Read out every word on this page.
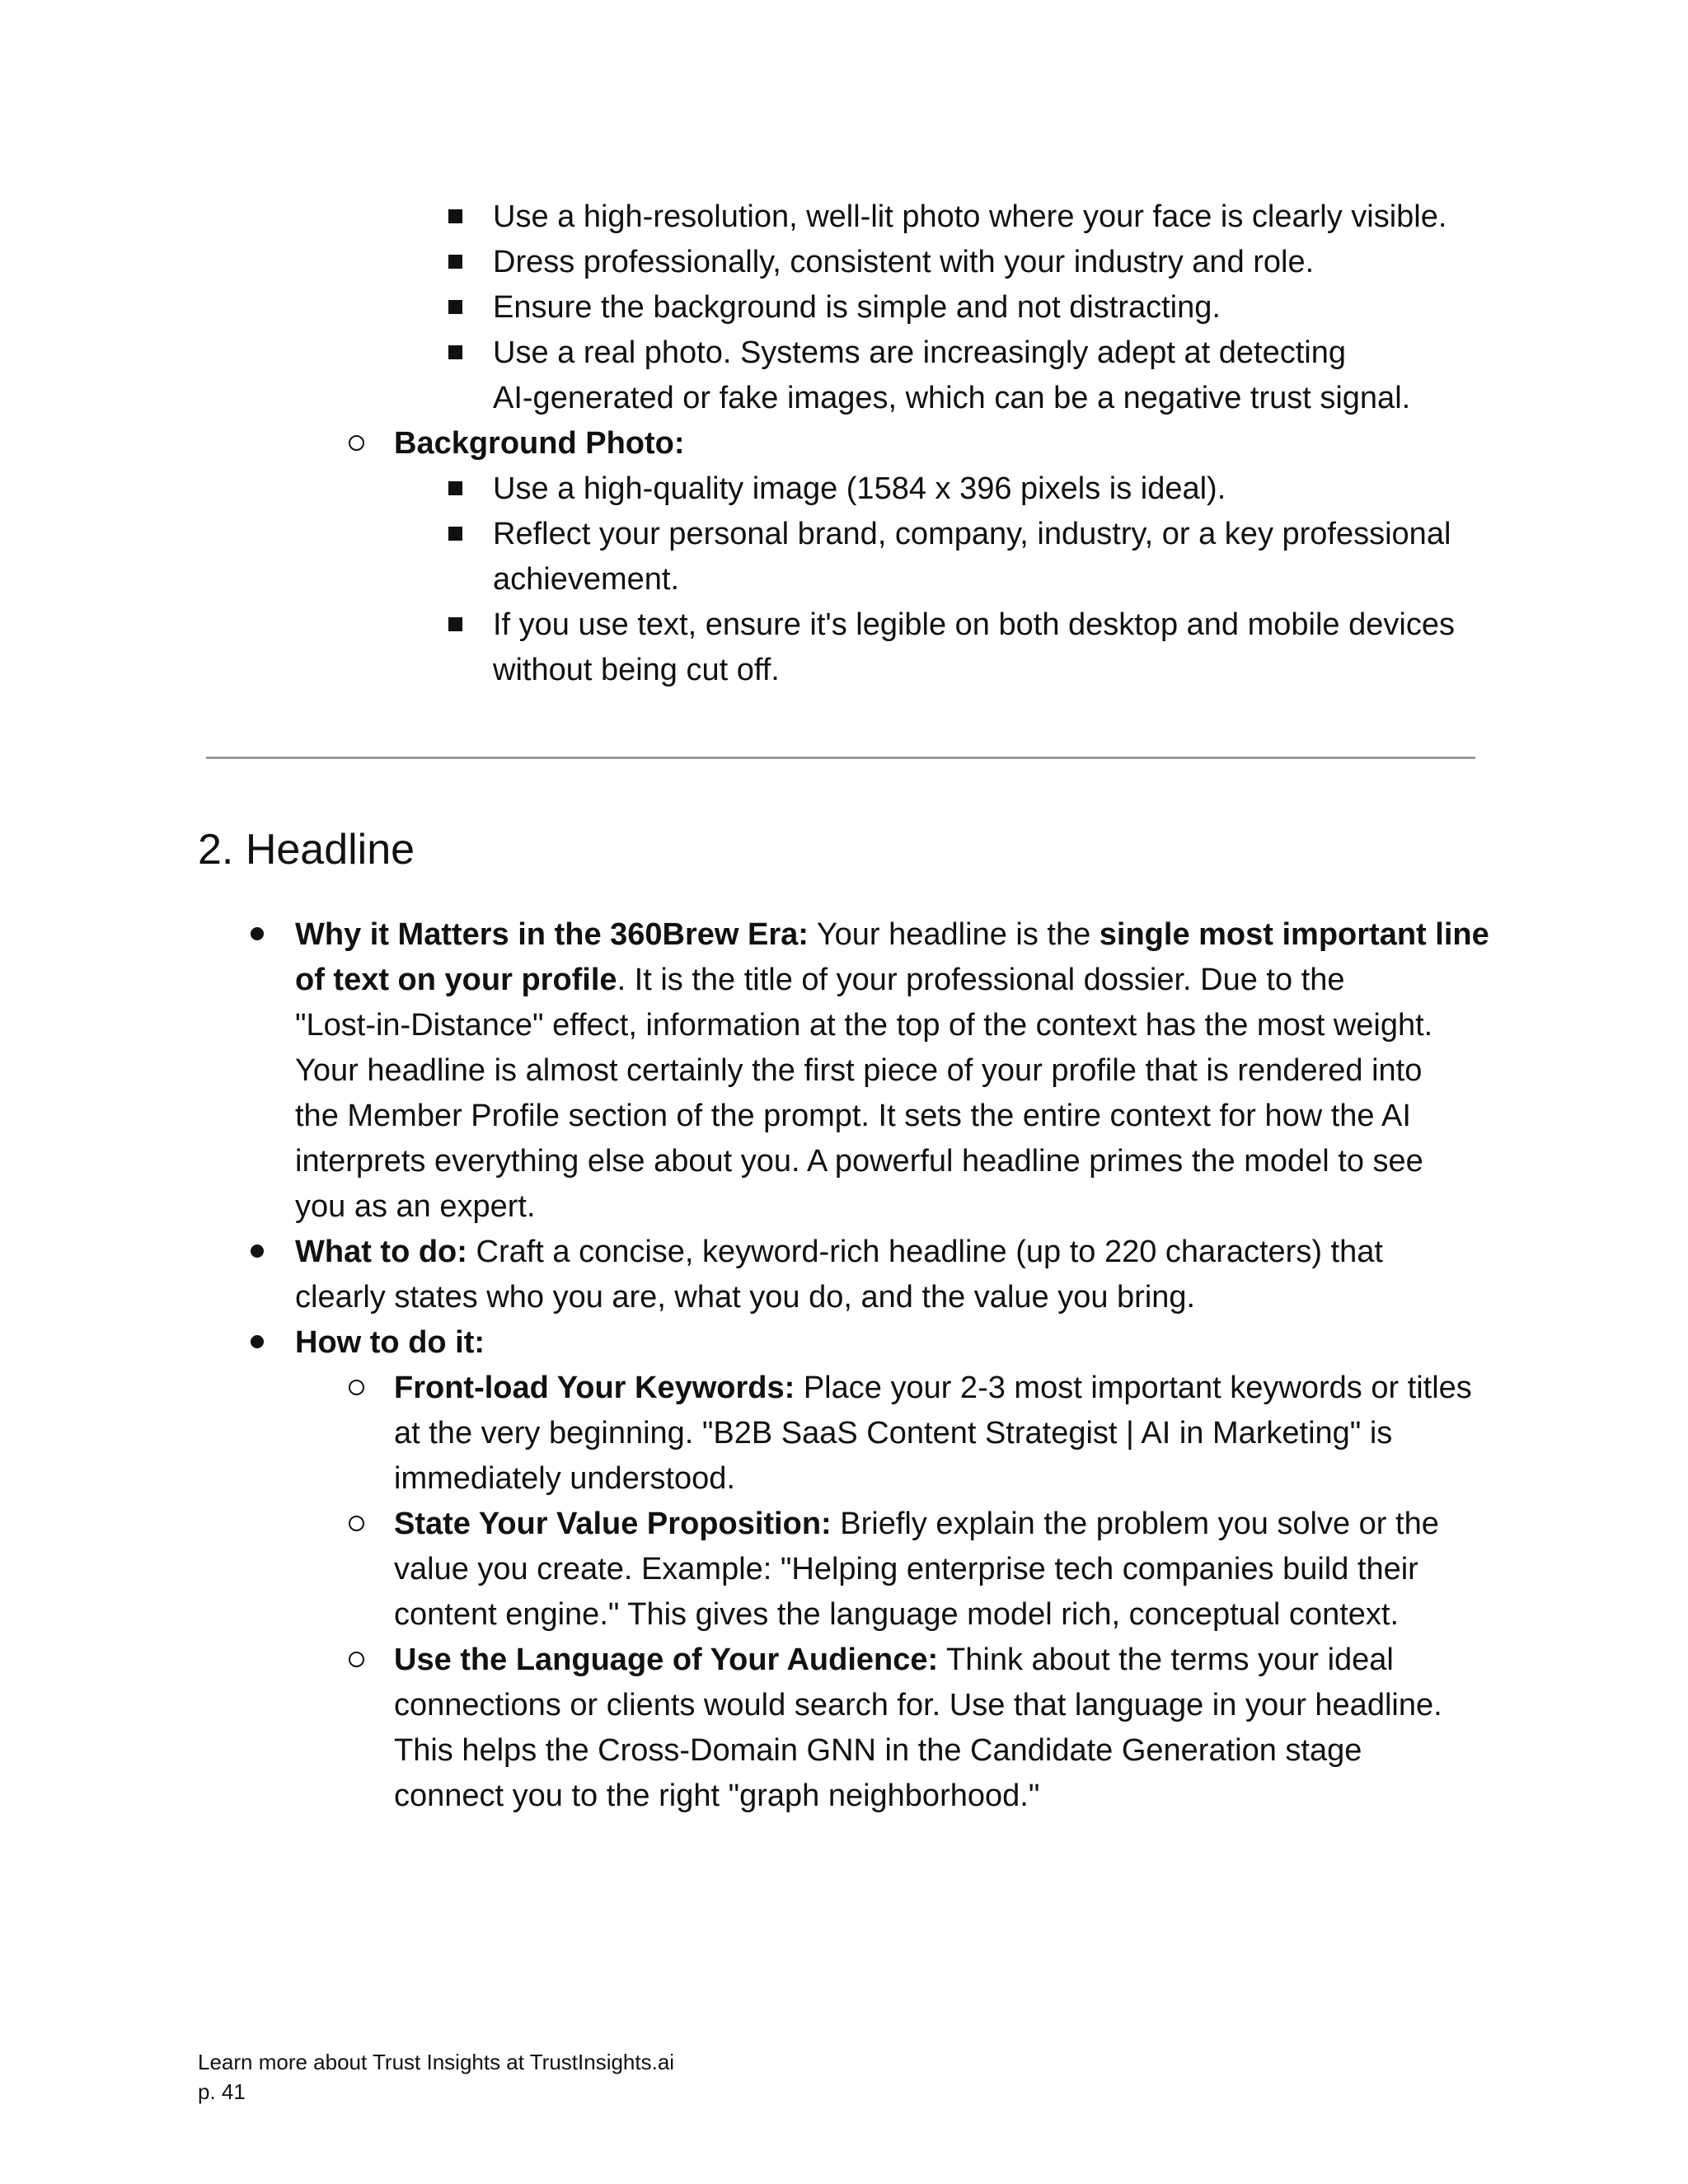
Use a high-resolution, well-lit photo where your face is clearly visible.
Dress professionally, consistent with your industry and role.
Ensure the background is simple and not distracting.
Use a real photo. Systems are increasingly adept at detecting
AI-generated or fake images, which can be a negative trust signal.
Background Photo:
Use a high-quality image (1584 x 396 pixels is ideal).
Reflect your personal brand, company, industry, or a key professional
achievement.
If you use text, ensure it's legible on both desktop and mobile devices
without being cut off.
2. Headline
Why it Matters in the 360Brew Era: Your headline is the single most important line
of text on your profile. It is the title of your professional dossier. Due to the
"Lost-in-Distance" effect, information at the top of the context has the most weight.
Your headline is almost certainly the first piece of your profile that is rendered into
the Member Profile section of the prompt. It sets the entire context for how the AI
interprets everything else about you. A powerful headline primes the model to see
you as an expert.
What to do: Craft a concise, keyword-rich headline (up to 220 characters) that
clearly states who you are, what you do, and the value you bring.
How to do it:
Front-load Your Keywords: Place your 2-3 most important keywords or titles
at the very beginning. "B2B SaaS Content Strategist | AI in Marketing" is
immediately understood.
State Your Value Proposition: Briefly explain the problem you solve or the
value you create. Example: "Helping enterprise tech companies build their
content engine." This gives the language model rich, conceptual context.
Use the Language of Your Audience: Think about the terms your ideal
connections or clients would search for. Use that language in your headline.
This helps the Cross-Domain GNN in the Candidate Generation stage
connect you to the right "graph neighborhood."
Learn more about Trust Insights at TrustInsights.ai
p. 41
